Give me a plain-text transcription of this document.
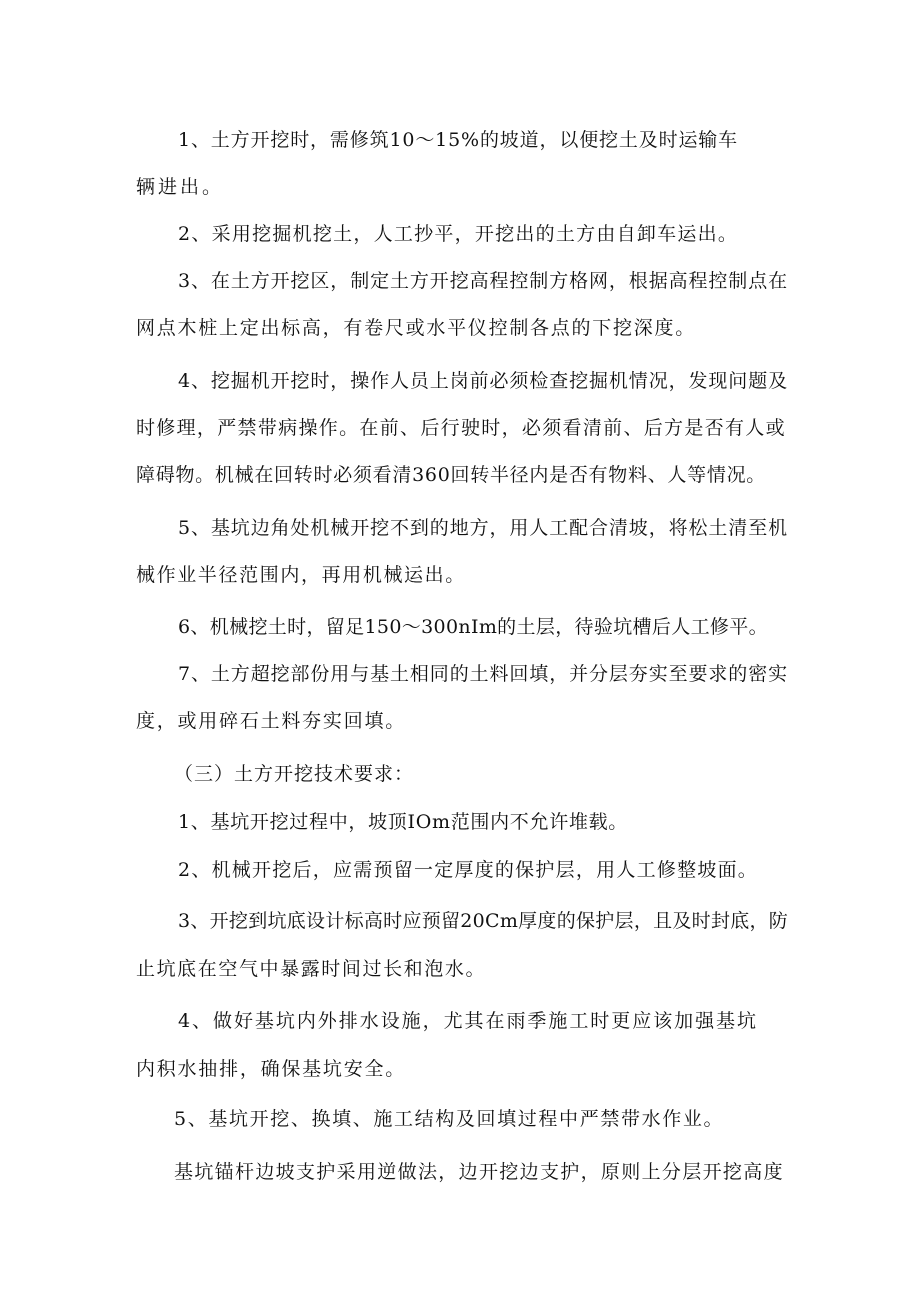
1、土方开挖时，需修筑10～15%的坡道，以便挖土及时运输车
辆进出。
2、采用挖掘机挖土，人工抄平，开挖出的土方由自卸车运出。
3、在土方开挖区，制定土方开挖高程控制方格网，根据高程控制点在
网点木桩上定出标高，有卷尺或水平仪控制各点的下挖深度。
4、挖掘机开挖时，操作人员上岗前必须检查挖掘机情况，发现问题及
时修理，严禁带病操作。在前、后行驶时，必须看清前、后方是否有人或
障碍物。机械在回转时必须看清360回转半径内是否有物料、人等情况。
5、基坑边角处机械开挖不到的地方，用人工配合清坡，将松土清至机
械作业半径范围内，再用机械运出。
6、机械挖土时，留足150～300nIm的土层，待验坑槽后人工修平。
7、土方超挖部份用与基土相同的土料回填，并分层夯实至要求的密实
度，或用碎石土料夯实回填。
（三）土方开挖技术要求：
1、基坑开挖过程中，坡顶IOm范围内不允许堆载。
2、机械开挖后，应需预留一定厚度的保护层，用人工修整坡面。
3、开挖到坑底设计标高时应预留20Cm厚度的保护层，且及时封底，防
止坑底在空气中暴露时间过长和泡水。
4、做好基坑内外排水设施，尤其在雨季施工时更应该加强基坑
内积水抽排，确保基坑安全。
5、基坑开挖、换填、施工结构及回填过程中严禁带水作业。
基坑锚杆边坡支护采用逆做法，边开挖边支护，原则上分层开挖高度
